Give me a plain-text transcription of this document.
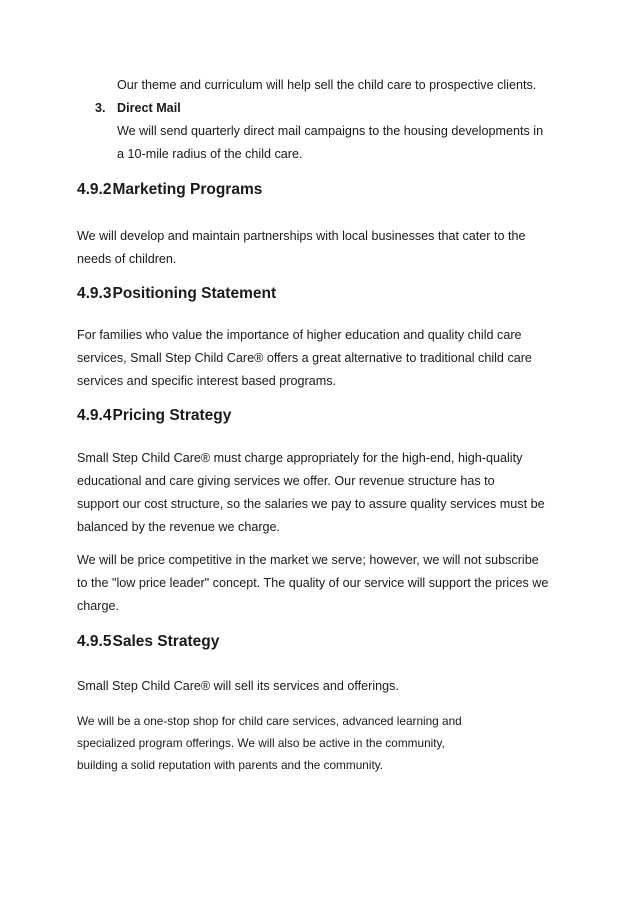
Our theme and curriculum will help sell the child care to prospective clients.
3. Direct Mail
We will send quarterly direct mail campaigns to the housing developments in
a 10-mile radius of the child care.
4.9.2Marketing Programs
We will develop and maintain partnerships with local businesses that cater to the
needs of children.
4.9.3Positioning Statement
For families who value the importance of higher education and quality child care
services, Small Step Child Care® offers a great alternative to traditional child care
services and specific interest based programs.
4.9.4Pricing Strategy
Small Step Child Care® must charge appropriately for the high-end, high-quality
educational and care giving services we offer. Our revenue structure has to
support our cost structure, so the salaries we pay to assure quality services must be
balanced by the revenue we charge.
We will be price competitive in the market we serve; however, we will not subscribe
to the "low price leader" concept. The quality of our service will support the prices we
charge.
4.9.5Sales Strategy
Small Step Child Care® will sell its services and offerings.
We will be a one-stop shop for child care services, advanced learning and
specialized program offerings. We will also be active in the community,
building a solid reputation with parents and the community.
